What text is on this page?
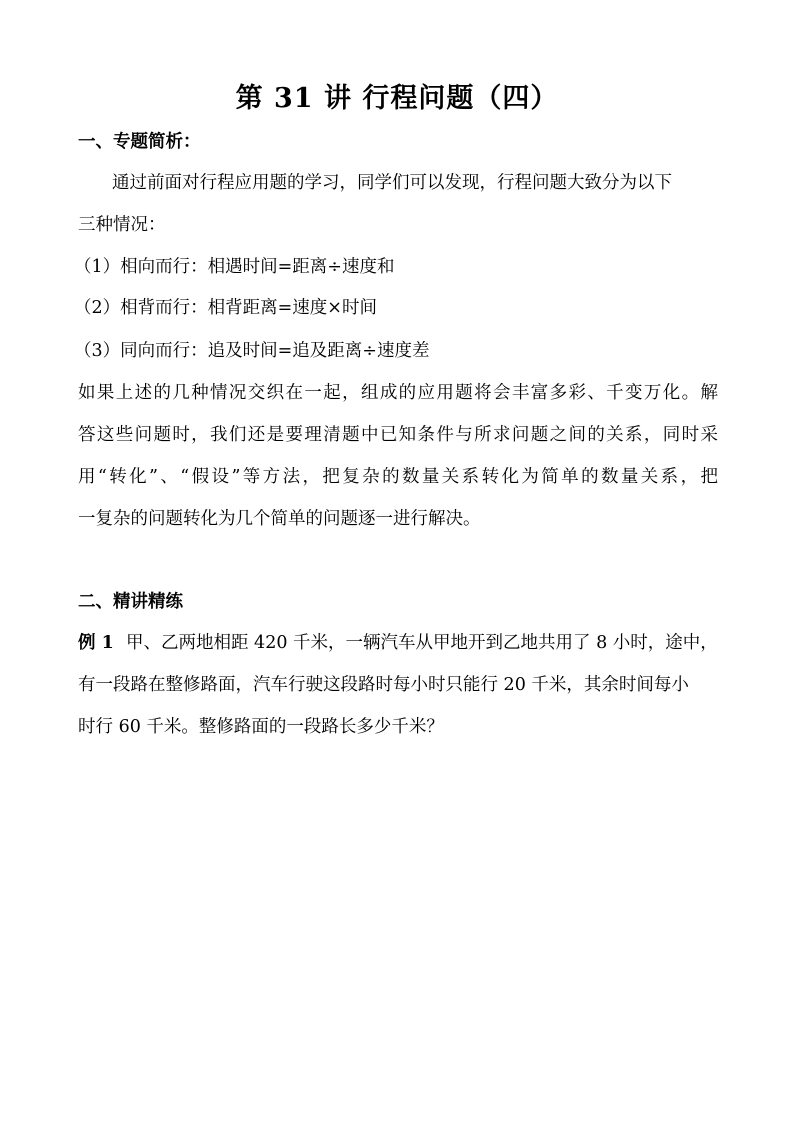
第 31 讲 行程问题（四）

一、专题简析：

通过前面对行程应用题的学习，同学们可以发现，行程问题大致分为以下

三种情况：

（1）相向而行：相遇时间=距离÷速度和

（2）相背而行：相背距离=速度×时间

（3）同向而行：追及时间=追及距离÷速度差

如果上述的几种情况交织在一起，组成的应用题将会丰富多彩、千变万化。解

答这些问题时，我们还是要理清题中已知条件与所求问题之间的关系，同时采

用“转化”、“假设”等方法，把复杂的数量关系转化为简单的数量关系，把

一复杂的问题转化为几个简单的问题逐一进行解决。

二、精讲精练

例 1 甲、乙两地相距 420 千米，一辆汽车从甲地开到乙地共用了 8 小时，途中，

有一段路在整修路面，汽车行驶这段路时每小时只能行 20 千米，其余时间每小

时行 60 千米。整修路面的一段路长多少千米？
